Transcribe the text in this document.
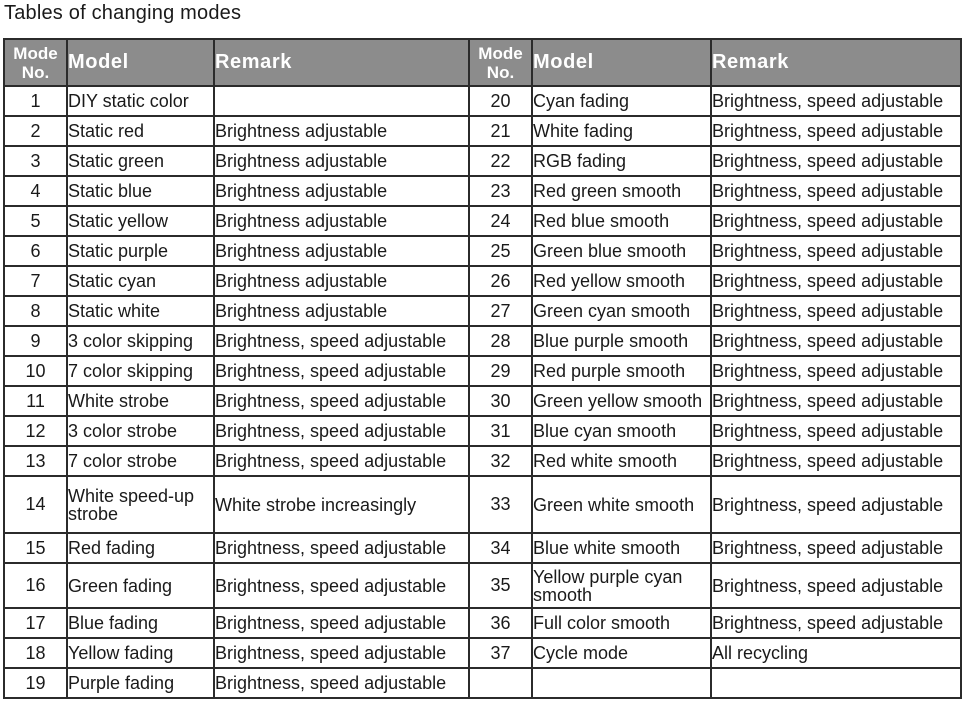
Tables of changing modes
Mode No.	Model	Remark	Mode No.	Model	Remark
1	DIY static color		20	Cyan fading	Brightness, speed adjustable
2	Static red	Brightness adjustable	21	White fading	Brightness, speed adjustable
3	Static green	Brightness adjustable	22	RGB fading	Brightness, speed adjustable
4	Static blue	Brightness adjustable	23	Red green smooth	Brightness, speed adjustable
5	Static yellow	Brightness adjustable	24	Red blue smooth	Brightness, speed adjustable
6	Static purple	Brightness adjustable	25	Green blue smooth	Brightness, speed adjustable
7	Static cyan	Brightness adjustable	26	Red yellow smooth	Brightness, speed adjustable
8	Static white	Brightness adjustable	27	Green cyan smooth	Brightness, speed adjustable
9	3 color skipping	Brightness, speed adjustable	28	Blue purple smooth	Brightness, speed adjustable
10	7 color skipping	Brightness, speed adjustable	29	Red purple smooth	Brightness, speed adjustable
11	White strobe	Brightness, speed adjustable	30	Green yellow smooth	Brightness, speed adjustable
12	3 color strobe	Brightness, speed adjustable	31	Blue cyan smooth	Brightness, speed adjustable
13	7 color strobe	Brightness, speed adjustable	32	Red white smooth	Brightness, speed adjustable
14	White speed-up strobe	White strobe increasingly	33	Green white smooth	Brightness, speed adjustable
15	Red fading	Brightness, speed adjustable	34	Blue white smooth	Brightness, speed adjustable
16	Green fading	Brightness, speed adjustable	35	Yellow purple cyan smooth	Brightness, speed adjustable
17	Blue fading	Brightness, speed adjustable	36	Full color smooth	Brightness, speed adjustable
18	Yellow fading	Brightness, speed adjustable	37	Cycle mode	All recycling
19	Purple fading	Brightness, speed adjustable			
